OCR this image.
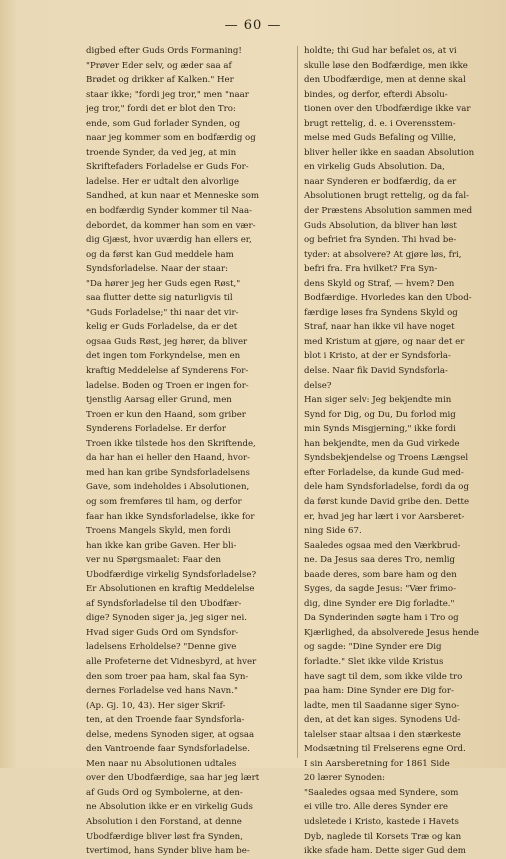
— 60 —
digbed efter Guds Ords Formaning!
"Prøver Eder selv, og æder saa af
Brødet og drikker af Kalken." Her
staar ikke; "fordi jeg tror," men "naar
jeg tror," fordi det er blot den Tro:
ende, som Gud forlader Synden, og
naar jeg kommer som en bodfærdig og
troende Synder, da ved jeg, at min
Skriftefaders Forladelse er Guds For-
ladelse. Her er udtalt den alvorlige
Sandhed, at kun naar et Menneske som
en bodfærdig Synder kommer til Naa-
debordet, da kommer han som en vær-
dig Gjæst, hvor uværdig han ellers er,
og da først kan Gud meddele ham
Syndsforladelse. Naar der staar:
"Da hører jeg her Guds egen Røst,"
saa flutter dette sig naturligvis til
"Guds Forladelse;" thi naar det vir-
kelig er Guds Forladelse, da er det
ogsaa Guds Røst, jeg hører, da bliver
det ingen tom Forkyndelse, men en
kraftig Meddelelse af Synderens For-
ladelse. Boden og Troen er ingen for-
tjenstlig Aarsag eller Grund, men
Troen er kun den Haand, som griber
Synderens Forladelse. Er derfor
Troen ikke tilstede hos den Skriftende,
da har han ei heller den Haand, hvor-
med han kan gribe Syndsforladelsens
Gave, som indeholdes i Absolutionen,
og som fremføres til ham, og derfor
faar han ikke Syndsforladelse, ikke for
Troens Mangels Skyld, men fordi
han ikke kan gribe Gaven. Her bli-
ver nu Spørgsmaalet: Faar den
Ubodfærdige virkelig Syndsforladelse?
Er Absolutionen en kraftig Meddelelse
af Syndsforladelse til den Ubodfær-
dige? Synoden siger ja, jeg siger nei.
Hvad siger Guds Ord om Syndsfor-
ladelsens Erholdelse? "Denne give
alle Profeterne det Vidnesbyrd, at hver
den som troer paa ham, skal faa Syn-
dernes Forladelse ved hans Navn."
(Ap. Gj. 10, 43). Her siger Skrif-
ten, at den Troende faar Syndsforla-
delse, medens Synoden siger, at ogsaa
den Vantroende faar Syndsforladelse.
Men naar nu Absolutionen udtales
over den Ubodfærdige, saa har jeg lært
af Guds Ord og Symbolerne, at den-
ne Absolution ikke er en virkelig Guds
Absolution i den Forstand, at denne
Ubodfærdige bliver løst fra Synden,
tvertimod, hans Synder blive ham be-
holdte; thi Gud har befalet os, at vi
skulle løse den Bodfærdige, men ikke
den Ubodfærdige, men at denne skal
bindes, og derfor, efterdi Absolu-
tionen over den Ubodfærdige ikke var
brugt rettelig, d. e. i Overensstem-
melse med Guds Befaling og Villie,
bliver heller ikke en saadan Absolution
en virkelig Guds Absolution. Da,
naar Synderen er bodfærdig, da er
Absolutionen brugt rettelig, og da fal-
der Præstens Absolution sammen med
Guds Absolution, da bliver han løst
og befriet fra Synden. Thi hvad be-
tyder: at absolvere? At gjøre løs, fri,
befri fra. Fra hvilket? Fra Syn-
dens Skyld og Straf, — hvem? Den
Bodfærdige. Hvorledes kan den Ubod-
færdige løses fra Syndens Skyld og
Straf, naar han ikke vil have noget
med Kristum at gjøre, og naar det er
blot i Kristo, at der er Syndsforla-
delse. Naar fik David Syndsforla-
delse?
Han siger selv: Jeg bekjendte min
Synd for Dig, og Du, Du forlod mig
min Synds Misgjerning," ikke fordi
han bekjendte, men da Gud virkede
Syndsbekjendelse og Troens Længsel
efter Forladelse, da kunde Gud med-
dele ham Syndsforladelse, fordi da og
da først kunde David gribe den. Dette
er, hvad jeg har lært i vor Aarsberet-
ning Side 67.
Saaledes ogsaa med den Værkbrud-
ne. Da Jesus saa deres Tro, nemlig
baade deres, som bare ham og den
Syges, da sagde Jesus: "Vær frimo-
dig, dine Synder ere Dig forladte."
Da Synderinden søgte ham i Tro og
Kjærlighed, da absolverede Jesus hende
og sagde: "Dine Synder ere Dig
forladte." Slet ikke vilde Kristus
have sagt til dem, som ikke vilde tro
paa ham: Dine Synder ere Dig for-
ladte, men til Saadanne siger Syno-
den, at det kan siges. Synodens Ud-
talelser staar altsaa i den stærkeste
Modsætning til Frelserens egne Ord.
I sin Aarsberetning for 1861 Side
20 lærer Synoden:
"Saaledes ogsaa med Syndere, som
ei ville tro. Alle deres Synder ere
udsletede i Kristo, kastede i Havets
Dyb, naglede til Korsets Træ og kan
ikke sfade ham. Dette siger Gud dem
